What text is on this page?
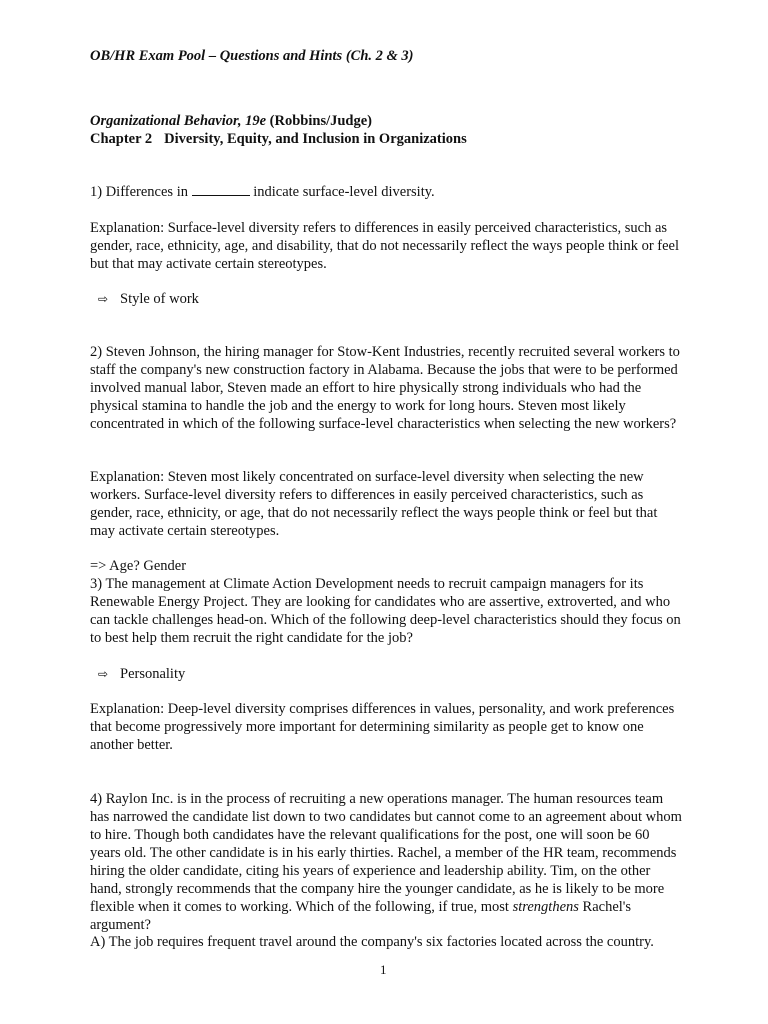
OB/HR Exam Pool – Questions and Hints (Ch. 2 & 3)
Organizational Behavior, 19e (Robbins/Judge)
Chapter 2 Diversity, Equity, and Inclusion in Organizations
1) Differences in	indicate surface-level diversity.
Explanation: Surface-level diversity refers to differences in easily perceived characteristics, such as gender, race, ethnicity, age, and disability, that do not necessarily reflect the ways people think or feel but that may activate certain stereotypes.
⇨ Style of work
2) Steven Johnson, the hiring manager for Stow-Kent Industries, recently recruited several workers to staff the company's new construction factory in Alabama. Because the jobs that were to be performed involved manual labor, Steven made an effort to hire physically strong individuals who had the physical stamina to handle the job and the energy to work for long hours. Steven most likely concentrated in which of the following surface-level characteristics when selecting the new workers?
Explanation: Steven most likely concentrated on surface-level diversity when selecting the new workers. Surface-level diversity refers to differences in easily perceived characteristics, such as gender, race, ethnicity, or age, that do not necessarily reflect the ways people think or feel but that may activate certain stereotypes.
=> Age? Gender
3) The management at Climate Action Development needs to recruit campaign managers for its Renewable Energy Project. They are looking for candidates who are assertive, extroverted, and who can tackle challenges head-on. Which of the following deep-level characteristics should they focus on to best help them recruit the right candidate for the job?
⇨ Personality
Explanation: Deep-level diversity comprises differences in values, personality, and work preferences that become progressively more important for determining similarity as people get to know one another better.
4) Raylon Inc. is in the process of recruiting a new operations manager. The human resources team has narrowed the candidate list down to two candidates but cannot come to an agreement about whom to hire. Though both candidates have the relevant qualifications for the post, one will soon be 60 years old. The other candidate is in his early thirties. Rachel, a member of the HR team, recommends hiring the older candidate, citing his years of experience and leadership ability. Tim, on the other hand, strongly recommends that the company hire the younger candidate, as he is likely to be more flexible when it comes to working. Which of the following, if true, most strengthens Rachel's argument?
A) The job requires frequent travel around the company's six factories located across the country.
1
